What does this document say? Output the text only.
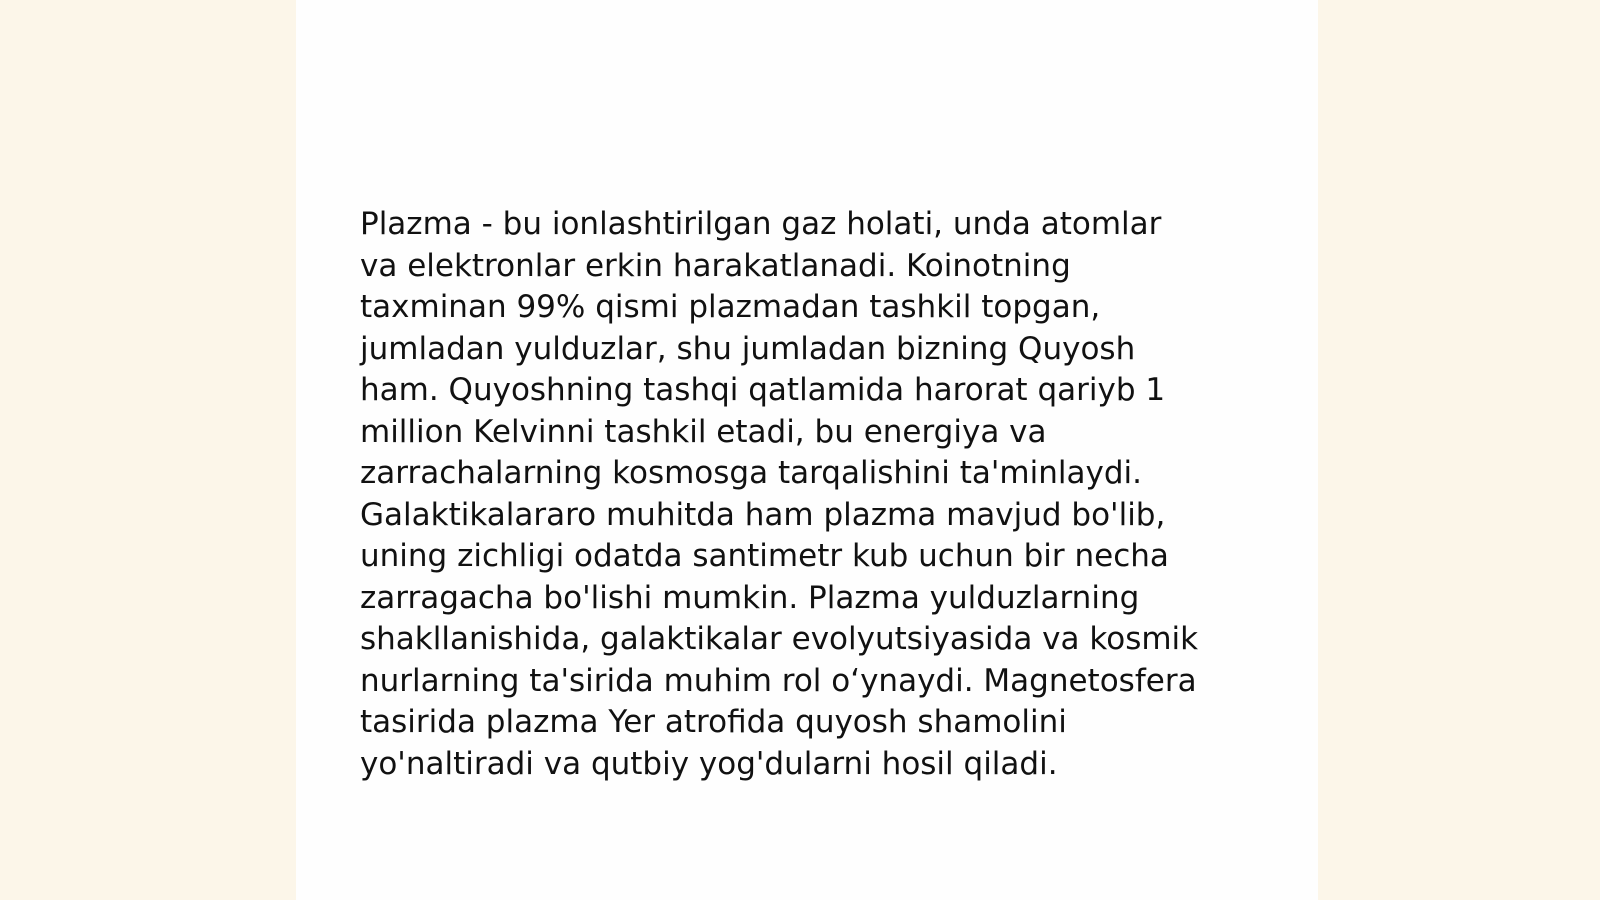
Plazma - bu ionlashtirilgan gaz holati, unda atomlar
va elektronlar erkin harakatlanadi. Koinotning
taxminan 99% qismi plazmadan tashkil topgan,
jumladan yulduzlar, shu jumladan bizning Quyosh
ham. Quyoshning tashqi qatlamida harorat qariyb 1
million Kelvinni tashkil etadi, bu energiya va
zarrachalarning kosmosga tarqalishini ta'minlaydi.
Galaktikalararo muhitda ham plazma mavjud bo'lib,
uning zichligi odatda santimetr kub uchun bir necha
zarragacha bo'lishi mumkin. Plazma yulduzlarning
shakllanishida, galaktikalar evolyutsiyasida va kosmik
nurlarning ta'sirida muhim rol o‘ynaydi. Magnetosfera
tasirida plazma Yer atrofida quyosh shamolini
yo'naltiradi va qutbiy yog'dularni hosil qiladi.
